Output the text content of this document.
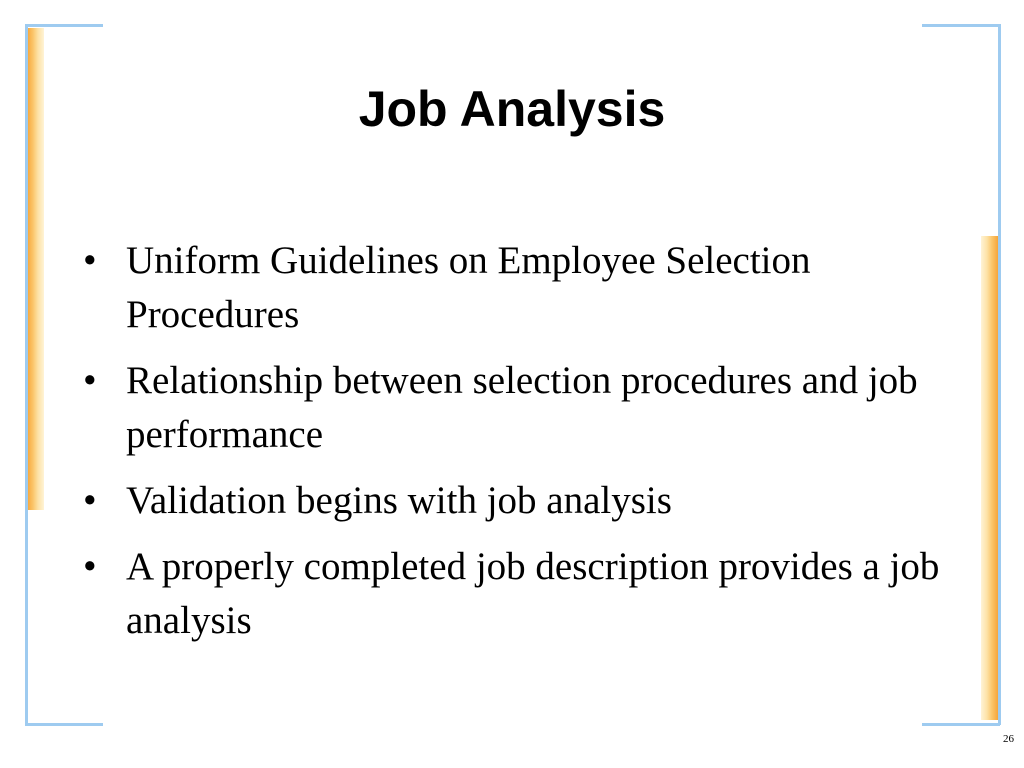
Job Analysis
• Uniform Guidelines on Employee Selection Procedures
• Relationship between selection procedures and job performance
• Validation begins with job analysis
• A properly completed job description provides a job analysis
26
